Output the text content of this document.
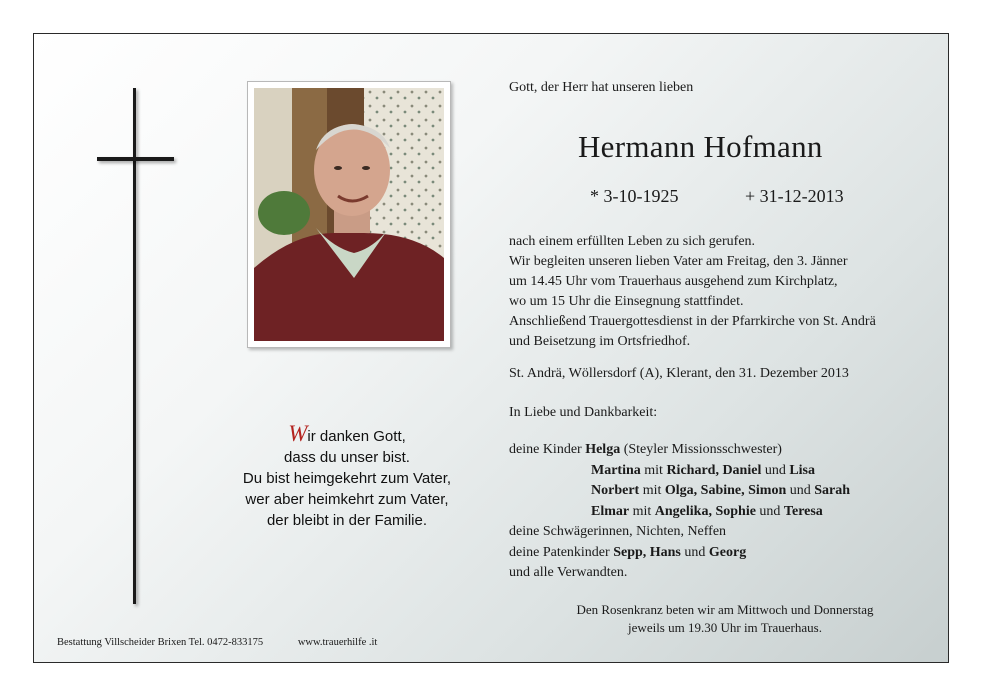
Wir danken Gott,
dass du unser bist.
Du bist heimgekehrt zum Vater,
wer aber heimkehrt zum Vater,
der bleibt in der Familie.
Gott, der Herr hat unseren lieben
Hermann Hofmann
* 3-10-1925	+ 31-12-2013
nach einem erfüllten Leben zu sich gerufen.
Wir begleiten unseren lieben Vater am Freitag, den 3. Jänner
um 14.45 Uhr vom Trauerhaus ausgehend zum Kirchplatz,
wo um 15 Uhr die Einsegnung stattfindet.
Anschließend Trauergottesdienst in der Pfarrkirche von St. Andrä
und Beisetzung im Ortsfriedhof.
St. Andrä, Wöllersdorf (A), Klerant, den 31. Dezember 2013
In Liebe und Dankbarkeit:
deine Kinder Helga (Steyler Missionsschwester)
Martina mit Richard, Daniel und Lisa
Norbert mit Olga, Sabine, Simon und Sarah
Elmar mit Angelika, Sophie und Teresa
deine Schwägerinnen, Nichten, Neffen
deine Patenkinder Sepp, Hans und Georg
und alle Verwandten.
Den Rosenkranz beten wir am Mittwoch und Donnerstag
jeweils um 19.30 Uhr im Trauerhaus.
Bestattung Villscheider Brixen Tel. 0472-833175	www.trauerhilfe .it
